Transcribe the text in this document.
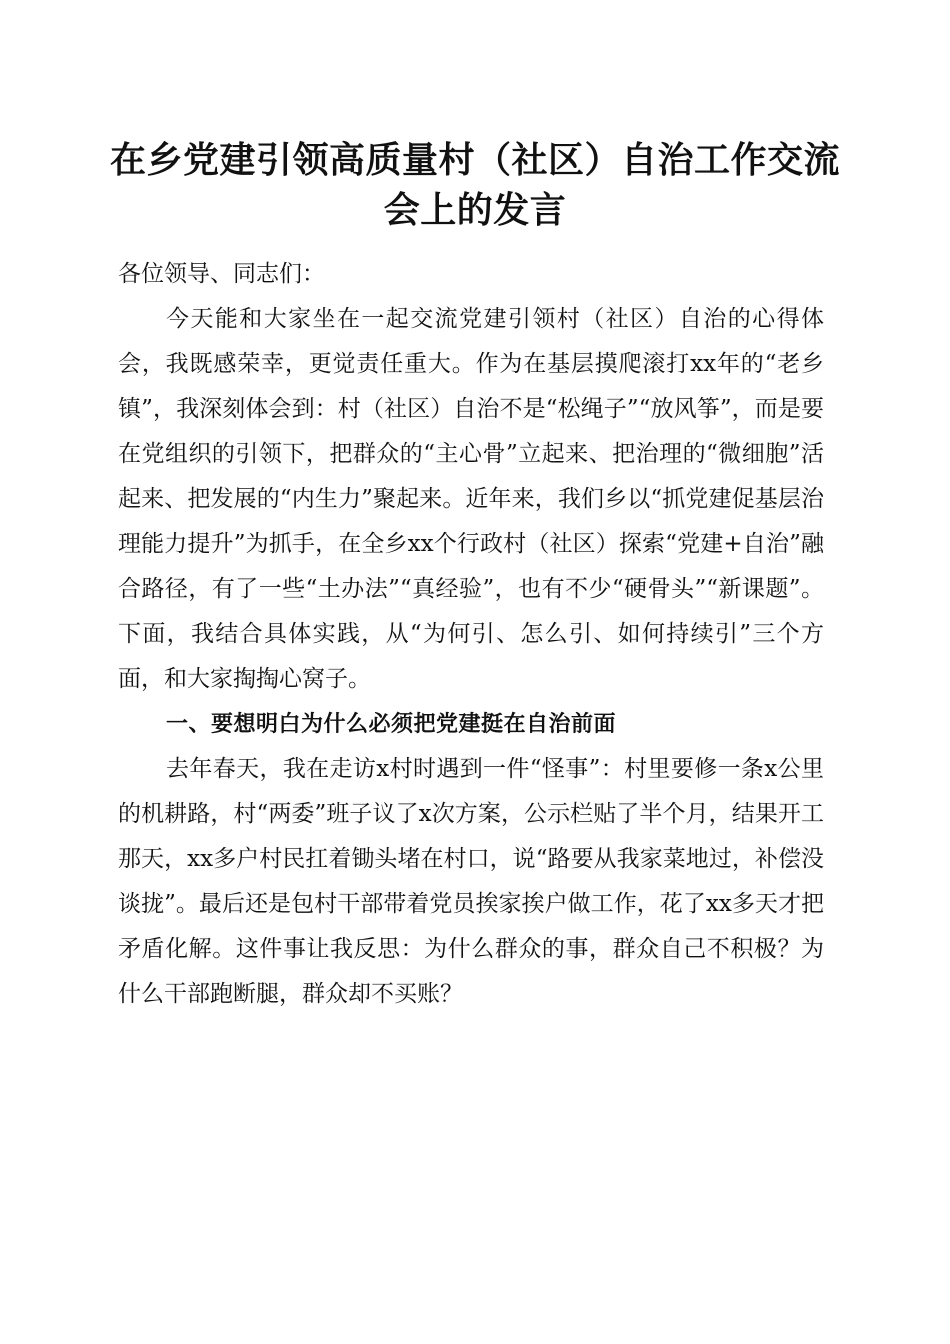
在乡党建引领高质量村（社区）自治工作交流会上的发言

各位领导、同志们：

今天能和大家坐在一起交流党建引领村（社区）自治的心得体会，我既感荣幸，更觉责任重大。作为在基层摸爬滚打xx年的“老乡镇”，我深刻体会到：村（社区）自治不是“松绳子”“放风筝”，而是要在党组织的引领下，把群众的“主心骨”立起来、把治理的“微细胞”活起来、把发展的“内生力”聚起来。近年来，我们乡以“抓党建促基层治理能力提升”为抓手，在全乡xx个行政村（社区）探索“党建+自治”融合路径，有了一些“土办法”“真经验”，也有不少“硬骨头”“新课题”。下面，我结合具体实践，从“为何引、怎么引、如何持续引”三个方面，和大家掏掏心窝子。

一、要想明白为什么必须把党建挺在自治前面

去年春天，我在走访x村时遇到一件“怪事”：村里要修一条x公里的机耕路，村“两委”班子议了x次方案，公示栏贴了半个月，结果开工那天，xx多户村民扛着锄头堵在村口，说“路要从我家菜地过，补偿没谈拢”。最后还是包村干部带着党员挨家挨户做工作，花了xx多天才把矛盾化解。这件事让我反思：为什么群众的事，群众自己不积极？为什么干部跑断腿，群众却不买账？
